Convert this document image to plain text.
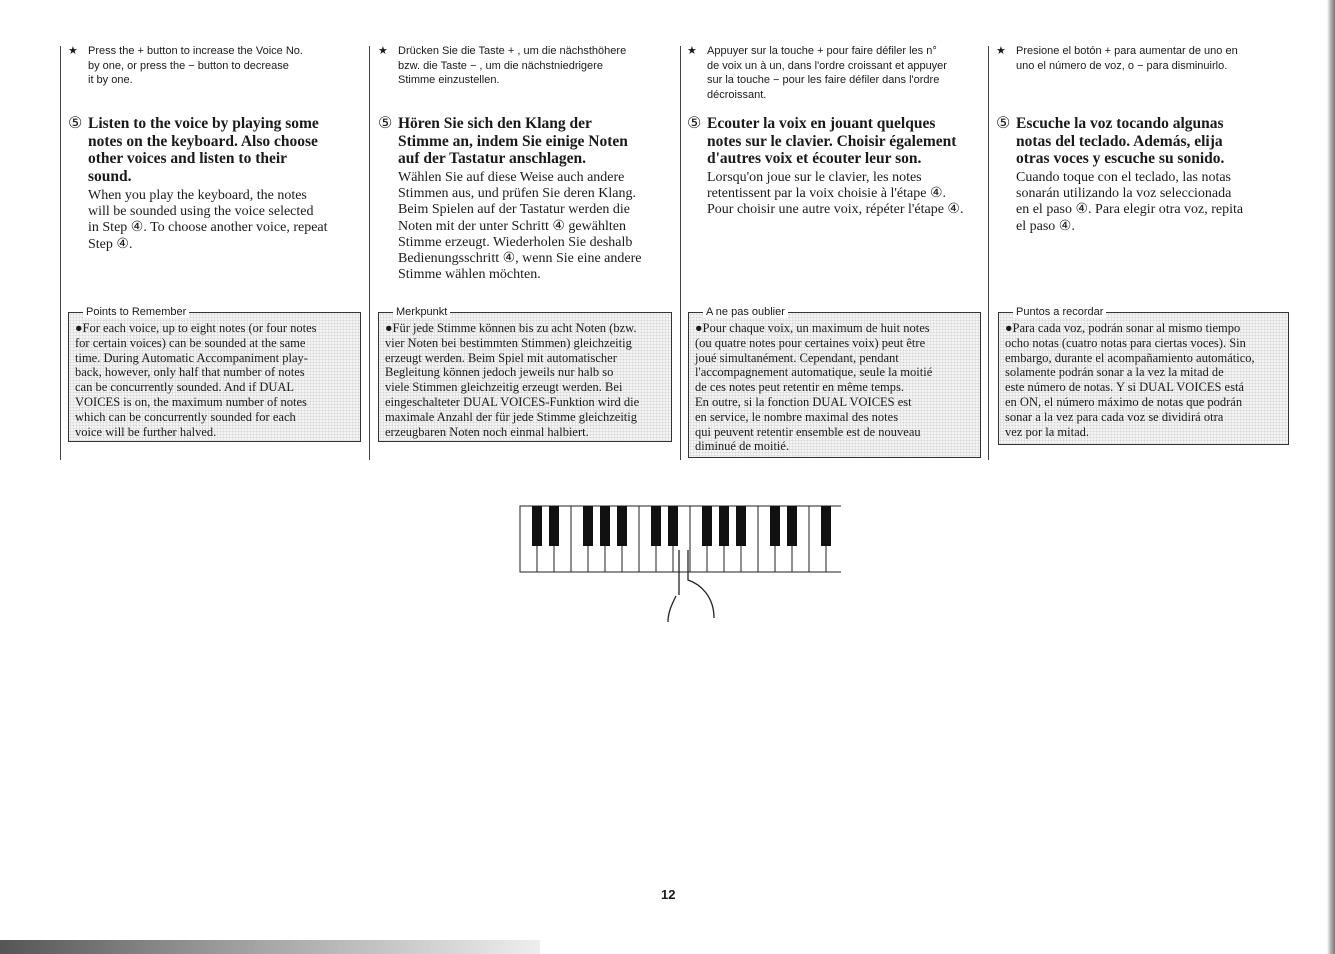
★ Press the + button to increase the Voice No.
by one, or press the − button to decrease
it by one.
⑤ Listen to the voice by playing some
notes on the keyboard. Also choose
other voices and listen to their
sound.
When you play the keyboard, the notes
will be sounded using the voice selected
in Step ④. To choose another voice, repeat
Step ④.
Points to Remember
●For each voice, up to eight notes (or four notes
for certain voices) can be sounded at the same
time. During Automatic Accompaniment play-
back, however, only half that number of notes
can be concurrently sounded. And if DUAL
VOICES is on, the maximum number of notes
which can be concurrently sounded for each
voice will be further halved.
★ Drücken Sie die Taste + , um die nächsthöhere
bzw. die Taste − , um die nächstniedrigere
Stimme einzustellen.
⑤ Hören Sie sich den Klang der
Stimme an, indem Sie einige Noten
auf der Tastatur anschlagen.
Wählen Sie auf diese Weise auch andere
Stimmen aus, und prüfen Sie deren Klang.
Beim Spielen auf der Tastatur werden die
Noten mit der unter Schritt ④ gewählten
Stimme erzeugt. Wiederholen Sie deshalb
Bedienungsschritt ④, wenn Sie eine andere
Stimme wählen möchten.
Merkpunkt
●Für jede Stimme können bis zu acht Noten (bzw.
vier Noten bei bestimmten Stimmen) gleichzeitig
erzeugt werden. Beim Spiel mit automatischer
Begleitung können jedoch jeweils nur halb so
viele Stimmen gleichzeitig erzeugt werden. Bei
eingeschalteter DUAL VOICES-Funktion wird die
maximale Anzahl der für jede Stimme gleichzeitig
erzeugbaren Noten noch einmal halbiert.
★ Appuyer sur la touche + pour faire défiler les n°
de voix un à un, dans l'ordre croissant et appuyer
sur la touche − pour les faire défiler dans l'ordre
décroissant.
⑤ Ecouter la voix en jouant quelques
notes sur le clavier. Choisir également
d'autres voix et écouter leur son.
Lorsqu'on joue sur le clavier, les notes
retentissent par la voix choisie à l'étape ④.
Pour choisir une autre voix, répéter l'étape ④.
A ne pas oublier
●Pour chaque voix, un maximum de huit notes
(ou quatre notes pour certaines voix) peut être
joué simultanément. Cependant, pendant
l'accompagnement automatique, seule la moitié
de ces notes peut retentir en même temps.
En outre, si la fonction DUAL VOICES est
en service, le nombre maximal des notes
qui peuvent retentir ensemble est de nouveau
diminué de moitié.
★ Presione el botón + para aumentar de uno en
uno el número de voz, o − para disminuirlo.
⑤ Escuche la voz tocando algunas
notas del teclado. Además, elija
otras voces y escuche su sonido.
Cuando toque con el teclado, las notas
sonarán utilizando la voz seleccionada
en el paso ④. Para elegir otra voz, repita
el paso ④.
Puntos a recordar
●Para cada voz, podrán sonar al mismo tiempo
ocho notas (cuatro notas para ciertas voces). Sin
embargo, durante el acompañamiento automático,
solamente podrán sonar a la vez la mitad de
este número de notas. Y si DUAL VOICES está
en ON, el número máximo de notas que podrán
sonar a la vez para cada voz se dividirá otra
vez por la mitad.
12
